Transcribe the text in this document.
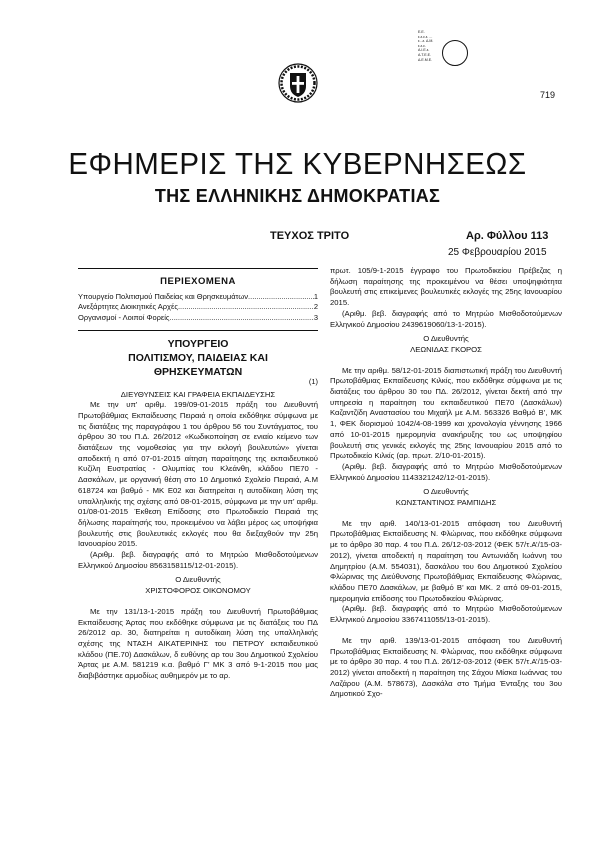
Ε.Ε. ε.ε.ε.ε. ... ε...ε. Δ.Μ. ε.ε.ε. Α.Ι.Ε.ε. Α.Τ.Ε.Ε. Δ.Ε.Μ.Ε.
719
ΕΦΗΜΕΡΙΣ ΤΗΣ ΚΥΒΕΡΝΗΣΕΩΣ
ΤΗΣ ΕΛΛΗΝΙΚΗΣ ΔΗΜΟΚΡΑΤΙΑΣ
ΤΕΥΧΟΣ ΤΡΙΤΟ	Αρ. Φύλλου 113
25 Φεβρουαρίου 2015
ΠΕΡΙΕΧΟΜΕΝΑ
Υπουργείο Πολιτισμού Παιδείας και Θρησκευμάτων .....	1
Ανεξάρτητες Διοικητικές Αρχές .....	2
Οργανισμοί - Λοιποί Φορείς .....	3
ΥΠΟΥΡΓΕΙΟ
ΠΟΛΙΤΙΣΜΟΥ, ΠΑΙΔΕΙΑΣ ΚΑΙ
ΘΡΗΣΚΕΥΜΑΤΩΝ
(1)
ΔΙΕΥΘΥΝΣΕΙΣ ΚΑΙ ΓΡΑΦΕΙΑ ΕΚΠΑΙΔΕΥΣΗΣ

Με την υπ’ αριθμ. 199/09-01-2015 πράξη του Διευθυντή Πρωτοβάθμιας Εκπαίδευσης Πειραιά η οποία εκδόθηκε σύμφωνα με τις διατάξεις της παραγράφου 1 του άρθρου 56 του Συντάγματος, του άρθρου 30 του Π.Δ. 26/2012 «Κωδικοποίηση σε ενιαίο κείμενο των διατάξεων της νομοθεσίας για την εκλογή βουλευτών» γίνεται αποδεκτή η από 07-01-2015 αίτηση παραίτησης της εκπαιδευτικού Κυζίλη Ευστρατίας - Ολυμπίας του Κλεάνθη, κλάδου ΠΕ70 - Δασκάλων, με οργανική θέση στο 10 Δημοτικό Σχολείο Πειραιά, Α.Μ 618724 και βαθμό - ΜΚ Ε02 και διατηρείται η αυτοδίκαιη λύση της υπαλληλικής της σχέσης από 08-01-2015, σύμφωνα με την υπ’ αριθμ. 01/08-01-2015 Έκθεση Επίδοσης στο Πρωτοδικείο Πειραιά της δήλωσης παραίτησής του, προκειμένου να λάβει μέρος ως υποψήφια βουλευτής στις βουλευτικές εκλογές που θα διεξαχθούν την 25η Ιανουαρίου 2015.

(Αριθμ. βεβ. διαγραφής από το Μητρώο Μισθοδοτούμενων Ελληνικού Δημοσίου 8563158115/12-01-2015).

Ο Διευθυντής
ΧΡΙΣΤΟΦΟΡΟΣ ΟΙΚΟΝΟΜΟΥ

Με την 131/13-1-2015 πράξη του Διευθυντή Πρωτοβάθμιας Εκπαίδευσης Άρτας που εκδόθηκε σύμφωνα με τις διατάξεις του ΠΔ 26/2012 αρ. 30, διατηρείται η αυτοδίκαιη λύση της υπαλληλικής σχέσης της ΝΤΑΣΗ ΑΙΚΑΤΕΡΙΝΗΣ του ΠΕΤΡΟΥ εκπαιδευτικού κλάδου (ΠΕ.70) Δασκάλων, δ ευθύνης αρ του 3ου Δημοτικού Σχολείου Άρτας με Α.Μ. 581219 κ.α. βαθμό Γ’ ΜΚ 3 από 9-1-2015 που μας διαβιβάστηκε αρμοδίως αυθημερόν με το αρ.

πρωτ. 105/9-1-2015 έγγραφο του Πρωτοδικείου Πρέβεζας η δήλωση παραίτησης της προκειμένου να θέσει υποψηφιότητα βουλευτή στις επικείμενες βουλευτικές εκλογές της 25ης Ιανουαρίου 2015.

(Αριθμ. βεβ. διαγραφής από το Μητρώο Μισθοδοτούμενων Ελληνικού Δημοσίου 2439619060/13-1-2015).

Ο Διευθυντής
ΛΕΩΝΙΔΑΣ ΓΚΟΡΟΣ

Με την αριθμ. 58/12-01-2015 διαπιστωτική πράξη του Διευθυντή Πρωτοβάθμιας Εκπαίδευσης Κιλκίς, που εκδόθηκε σύμφωνα με τις διατάξεις του άρθρου 30 του ΠΔ. 26/2012, γίνεται δεκτή από την υπηρεσία η παραίτηση του εκπαιδευτικού ΠΕ70 (Δασκάλων) Καζαντζίδη Αναστασίου του Μιχαήλ με Α.Μ. 563326 Βαθμό Β’, ΜΚ 1, ΦΕΚ διορισμού 1042/4-08-1999 και χρονολογία γέννησης 1966 από 10-01-2015 ημερομηνία ανακήρυξης του ως υποψηφίου βουλευτή στις γενικές εκλογές της 25ης Ιανουαρίου 2015 από το Πρωτοδικείο Κιλκίς (αρ. πρωτ. 2/10-01-2015).

(Αριθμ. βεβ. διαγραφής από το Μητρώο Μισθοδοτούμενων Ελληνικού Δημοσίου 1143321242/12-01-2015).

Ο Διευθυντής
ΚΩΝΣΤΑΝΤΙΝΟΣ ΡΑΜΠΙΔΗΣ

Με την αριθ. 140/13-01-2015 απόφαση του Διευθυντή Πρωτοβάθμιας Εκπαίδευσης Ν. Φλώρινας, που εκδόθηκε σύμφωνα με το άρθρο 30 παρ. 4 του Π.Δ. 26/12-03-2012 (ΦΕΚ 57/τ.Α’/15-03-2012), γίνεται αποδεκτή η παραίτηση του Αντωνιάδη Ιωάννη του Δημητρίου (Α.Μ. 554031), δασκάλου του 6ου Δημοτικού Σχολείου Φλώρινας της Διεύθυνσης Πρωτοβάθμιας Εκπαίδευσης Φλώρινας, κλάδου ΠΕ70 Δασκάλων, με βαθμό Β’ και ΜΚ. 2 από 09-01-2015, ημερομηνία επίδοσης του Πρωτοδικείου Φλώρινας.

(Αριθμ. βεβ. διαγραφής από το Μητρώο Μισθοδοτούμενων Ελληνικού Δημοσίου 3367411055/13-01-2015).

Με την αριθ. 139/13-01-2015 απόφαση του Διευθυντή Πρωτοβάθμιας Εκπαίδευσης Ν. Φλώρινας, που εκδόθηκε σύμφωνα με το άρθρο 30 παρ. 4 του Π.Δ. 26/12-03-2012 (ΦΕΚ 57/τ.Α’/15-03-2012) γίνεται αποδεκτή η παραίτηση της Σάχου Μίσκα Ιωάννας του Λαζάρου (Α.Μ. 578673), Δασκάλα στο Τμήμα Ένταξης του 3ου Δημοτικού Σχο-
